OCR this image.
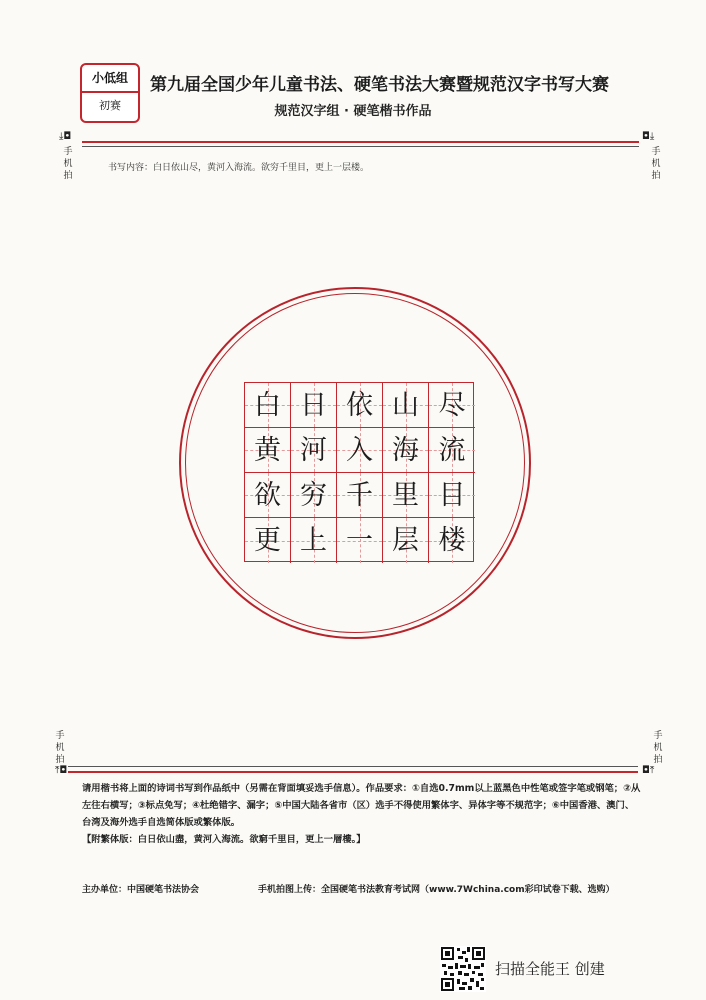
小低组
初赛
第九届全国少年儿童书法、硬笔书法大赛暨规范汉字书写大赛
规范汉字组 · 硬笔楷书作品
⤓◘
手机拍
◘⤓
手机拍
书写内容：白日依山尽，黄河入海流。欲穷千里目，更上一层楼。
白 日 依 山 尽
黄 河 入 海 流
欲 穷 千 里 目
更 上 一 层 楼
手机拍
⤒◘
手机拍
◘⤒
请用楷书将上面的诗词书写到作品纸中（另需在背面填妥选手信息）。作品要求：①自选0.7mm以上蓝黑色中性笔或签字笔或钢笔；②从左往右横写；③标点免写；④杜绝错字、漏字；⑤中国大陆各省市（区）选手不得使用繁体字、异体字等不规范字；⑥中国香港、澳门、台湾及海外选手自选简体版或繁体版。
【附繁体版：白日依山盡，黄河入海流。欲窮千里目，更上一層樓。】
主办单位：中国硬笔书法协会	手机拍图上传：全国硬笔书法教育考试网（www.7Wchina.com彩印试卷下载、选购）
扫描全能王 创建
